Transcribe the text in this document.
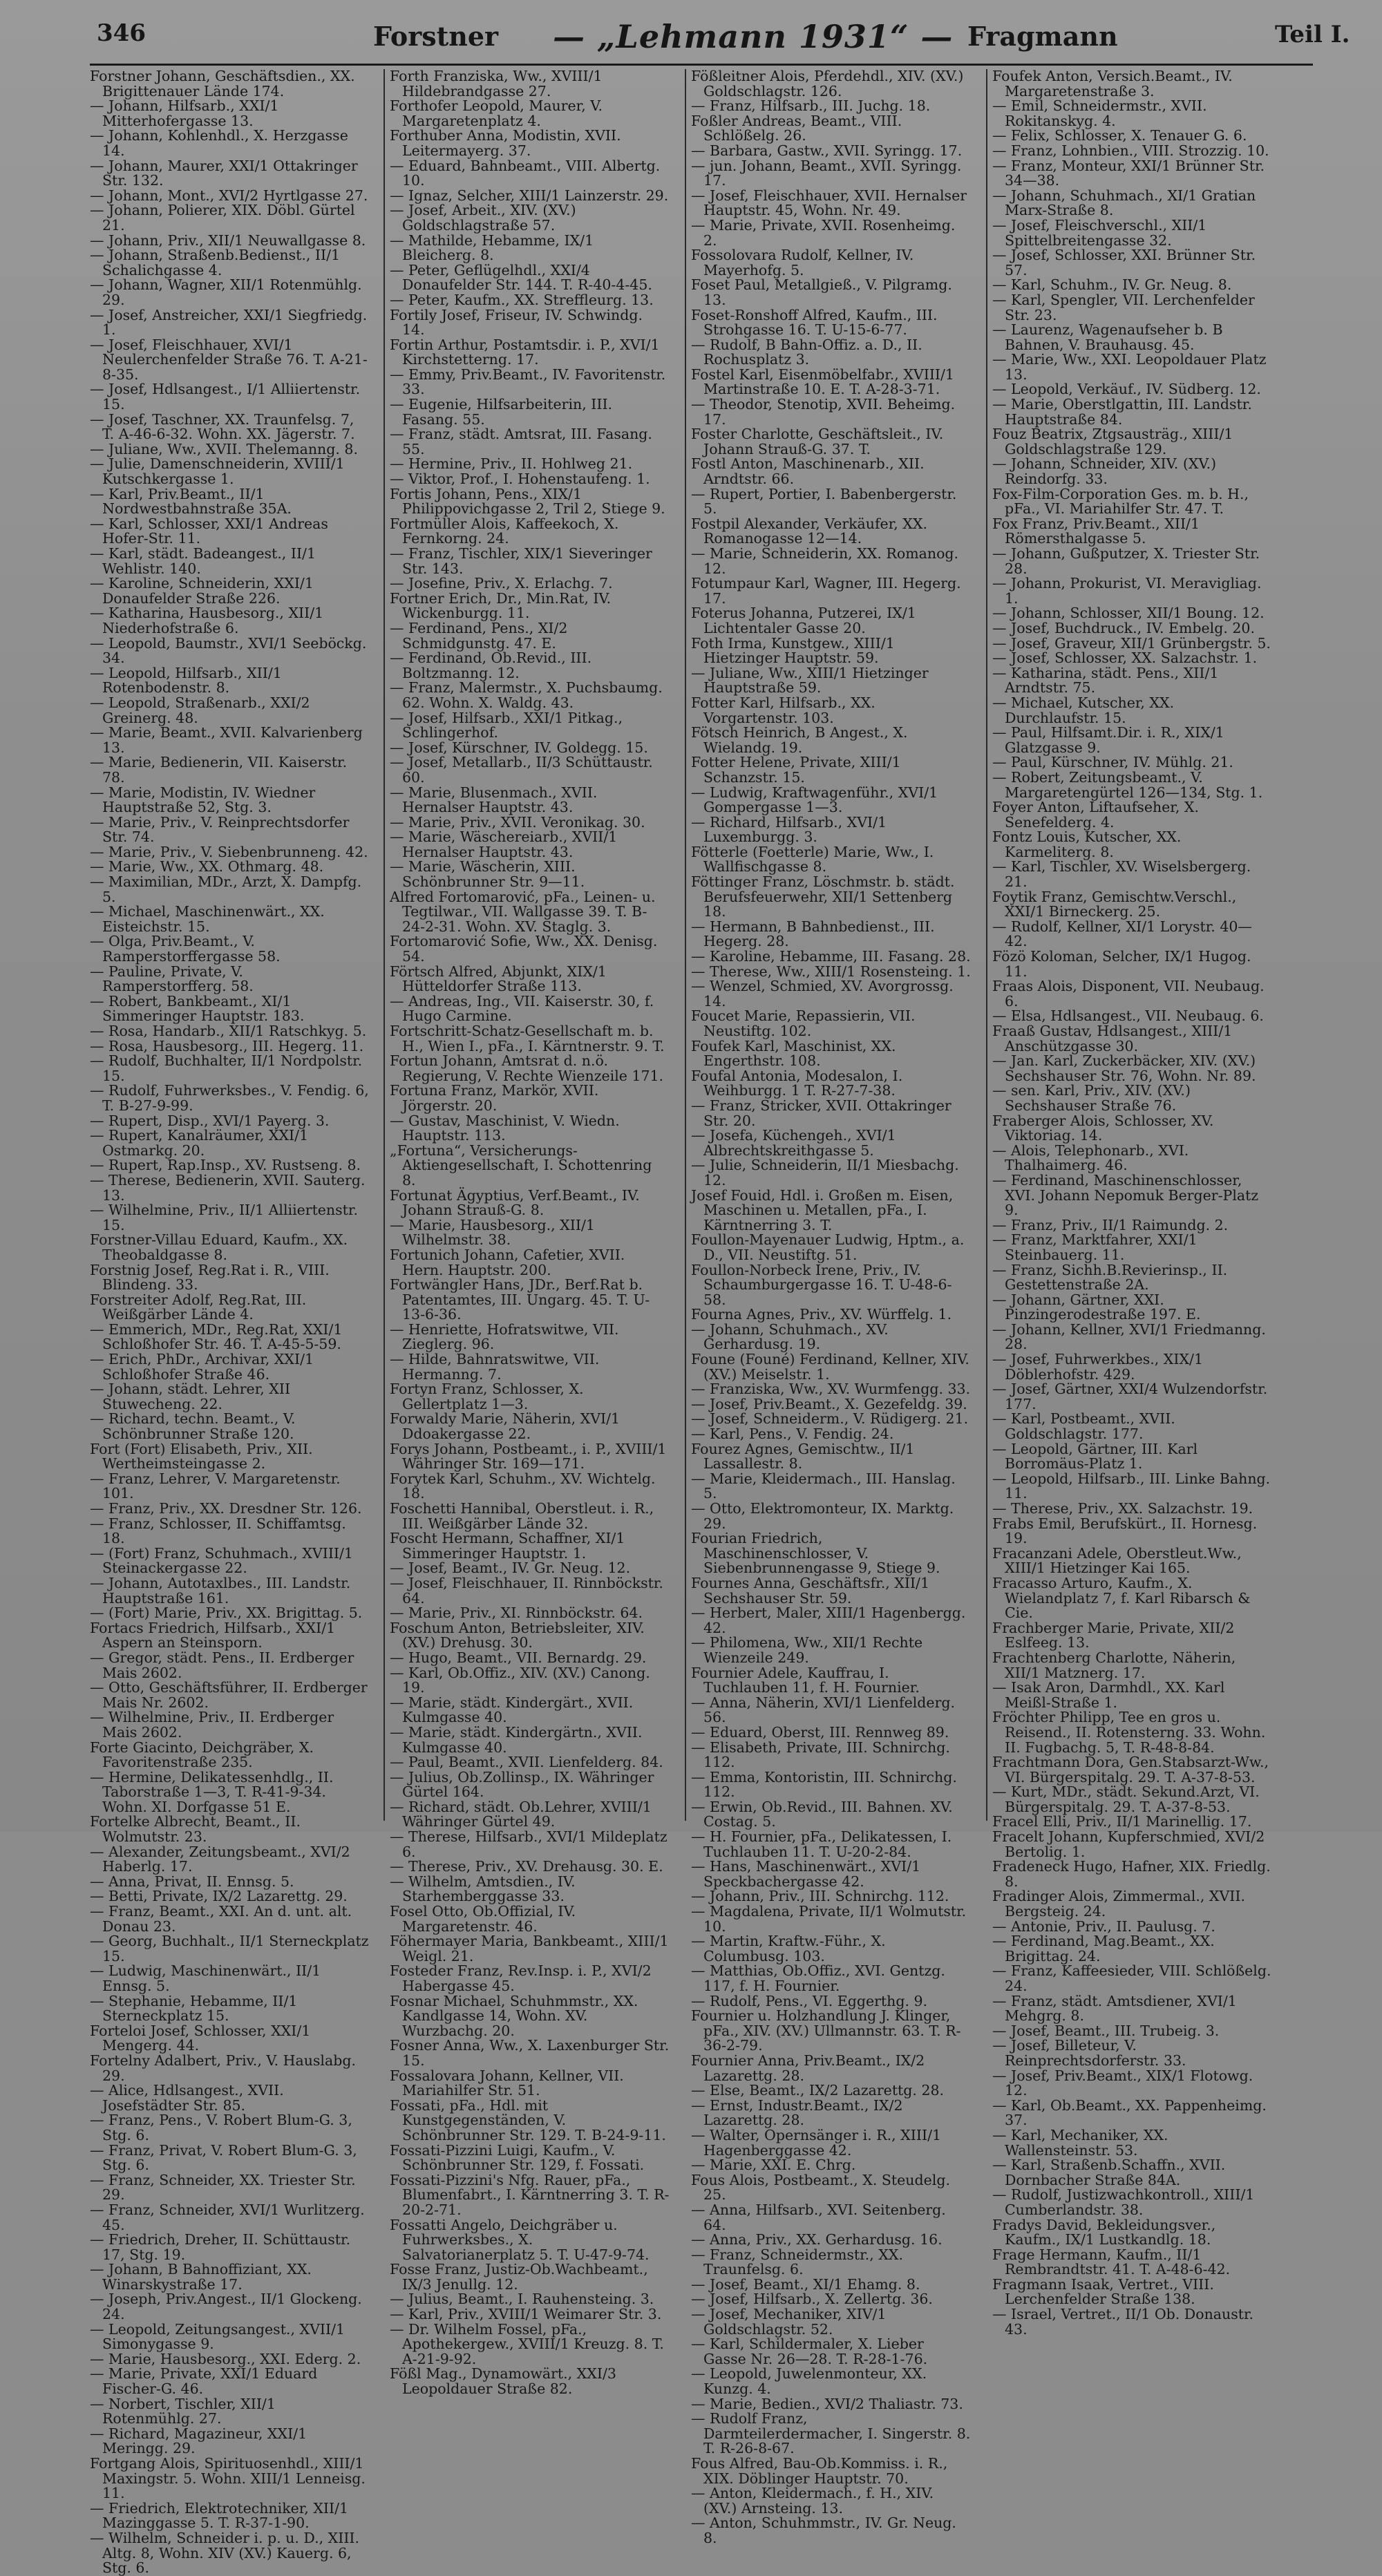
346	Forstner — „Lehmann 1931“ — Fragmann	Teil I.

Forstner Johann, Geschäftsdien., XX. Brigittenauer Lände 174.

— Johann, Hilfsarb., XXI/1 Mitterhofergasse 13.

— Johann, Kohlenhdl., X. Herzgasse 14.

— Johann, Maurer, XXI/1 Ottakringer Str. 132.

— Johann, Mont., XVI/2 Hyrtlgasse 27.

— Johann, Polierer, XIX. Döbl. Gürtel 21.

— Johann, Priv., XII/1 Neuwallgasse 8.

— Johann, Straßenb.Bedienst., II/1 Schalichgasse 4.

— Johann, Wagner, XII/1 Rotenmühlg. 29.

— Josef, Anstreicher, XXI/1 Siegfriedg. 1.

— Josef, Fleischhauer, XVI/1 Neulerchenfelder Straße 76. T. A-21-8-35.

— Josef, Hdlsangest., I/1 Alliiertenstr. 15.

— Josef, Taschner, XX. Traunfelsg. 7, T. A-46-6-32. Wohn. XX. Jägerstr. 7.

— Juliane, Ww., XVII. Thelemanng. 8.

— Julie, Damenschneiderin, XVIII/1 Kutschkergasse 1.

— Karl, Priv.Beamt., II/1 Nordwestbahnstraße 35A.

— Karl, Schlosser, XXI/1 Andreas Hofer-Str. 11.

— Karl, städt. Badeangest., II/1 Wehlistr. 140.

— Karoline, Schneiderin, XXI/1 Donaufelder Straße 226.

— Katharina, Hausbesorg., XII/1 Niederhofstraße 6.

— Leopold, Baumstr., XVI/1 Seeböckg. 34.

— Leopold, Hilfsarb., XII/1 Rotenbodenstr. 8.

— Leopold, Straßenarb., XXI/2 Greinerg. 48.

— Marie, Beamt., XVII. Kalvarienberg 13.

— Marie, Bedienerin, VII. Kaiserstr. 78.

— Marie, Modistin, IV. Wiedner Hauptstraße 52, Stg. 3.

— Marie, Priv., V. Reinprechtsdorfer Str. 74.

— Marie, Priv., V. Siebenbrunneng. 42.

— Marie, Ww., XX. Othmarg. 48.

— Maximilian, MDr., Arzt, X. Dampfg. 5.

— Michael, Maschinenwärt., XX. Eisteichstr. 15.

— Olga, Priv.Beamt., V. Ramperstorffergasse 58.

— Pauline, Private, V. Ramperstorfferg. 58.

— Robert, Bankbeamt., XI/1 Simmeringer Hauptstr. 183.

— Rosa, Handarb., XII/1 Ratschkyg. 5.

— Rosa, Hausbesorg., III. Hegerg. 11.

— Rudolf, Buchhalter, II/1 Nordpolstr. 15.

— Rudolf, Fuhrwerksbes., V. Fendig. 6, T. B-27-9-99.

— Rupert, Disp., XVI/1 Payerg. 3.

— Rupert, Kanalräumer, XXI/1 Ostmarkg. 20.

— Rupert, Rap.Insp., XV. Rustseng. 8.

— Therese, Bedienerin, XVII. Sauterg. 13.

— Wilhelmine, Priv., II/1 Alliiertenstr. 15.

Forstner-Villau Eduard, Kaufm., XX. Theobaldgasse 8.

Forstnig Josef, Reg.Rat i. R., VIII. Blindeng. 33.

Forstreiter Adolf, Reg.Rat, III. Weißgärber Lände 4.

— Emmerich, MDr., Reg.Rat, XXI/1 Schloßhofer Str. 46. T. A-45-5-59.

— Erich, PhDr., Archivar, XXI/1 Schloßhofer Straße 46.

— Johann, städt. Lehrer, XII Stuwecheng. 22.

— Richard, techn. Beamt., V. Schönbrunner Straße 120.

Fort (Fort) Elisabeth, Priv., XII. Wertheimsteingasse 2.

— Franz, Lehrer, V. Margaretenstr. 101.

— Franz, Priv., XX. Dresdner Str. 126.

— Franz, Schlosser, II. Schiffamtsg. 18.

— (Fort) Franz, Schuhmach., XVIII/1 Steinackergasse 22.

— Johann, Autotaxlbes., III. Landstr. Hauptstraße 161.

— (Fort) Marie, Priv., XX. Brigittag. 5.

Fortacs Friedrich, Hilfsarb., XXI/1 Aspern an Steinsporn.

— Gregor, städt. Pens., II. Erdberger Mais 2602.

— Otto, Geschäftsführer, II. Erdberger Mais Nr. 2602.

— Wilhelmine, Priv., II. Erdberger Mais 2602.

Forte Giacinto, Deichgräber, X. Favoritenstraße 235.

— Hermine, Delikatessenhdlg., II. Taborstraße 1—3, T. R-41-9-34. Wohn. XI. Dorfgasse 51 E.

Fortelke Albrecht, Beamt., II. Wolmutstr. 23.

— Alexander, Zeitungsbeamt., XVI/2 Haberlg. 17.

— Anna, Privat, II. Ennsg. 5.

— Betti, Private, IX/2 Lazarettg. 29.

— Franz, Beamt., XXI. An d. unt. alt. Donau 23.

— Georg, Buchhalt., II/1 Sterneckplatz 15.

— Ludwig, Maschinenwärt., II/1 Ennsg. 5.

— Stephanie, Hebamme, II/1 Sterneckplatz 15.

Forteloi Josef, Schlosser, XXI/1 Mengerg. 44.

Fortelny Adalbert, Priv., V. Hauslabg. 29.

— Alice, Hdlsangest., XVII. Josefstädter Str. 85.

— Franz, Pens., V. Robert Blum-G. 3, Stg. 6.

— Franz, Privat, V. Robert Blum-G. 3, Stg. 6.

— Franz, Schneider, XX. Triester Str. 29.

— Franz, Schneider, XVI/1 Wurlitzerg. 45.

— Friedrich, Dreher, II. Schüttaustr. 17, Stg. 19.

— Johann, B Bahnoffiziant, XX. Winarskystraße 17.

— Joseph, Priv.Angest., II/1 Glockeng. 24.

— Leopold, Zeitungsangest., XVII/1 Simonygasse 9.

— Marie, Hausbesorg., XXI. Ederg. 2.

— Marie, Private, XXI/1 Eduard Fischer-G. 46.

— Norbert, Tischler, XII/1 Rotenmühlg. 27.

— Richard, Magazineur, XXI/1 Meringg. 29.

Fortgang Alois, Spirituosenhdl., XIII/1 Maxingstr. 5. Wohn. XIII/1 Lenneisg. 11.

— Friedrich, Elektrotechniker, XII/1 Mazinggasse 5. T. R-37-1-90.

— Wilhelm, Schneider i. p. u. D., XIII. Altg. 8, Wohn. XIV (XV.) Kauerg. 6, Stg. 6.

Forth Franziska, Ww., XVIII/1 Hildebrandgasse 27.

Forthofer Leopold, Maurer, V. Margaretenplatz 4.

Forthuber Anna, Modistin, XVII. Leitermayerg. 37.

— Eduard, Bahnbeamt., VIII. Albertg. 10.

— Ignaz, Selcher, XIII/1 Lainzerstr. 29.

— Josef, Arbeit., XIV. (XV.) Goldschlagstraße 57.

— Mathilde, Hebamme, IX/1 Bleicherg. 8.

— Peter, Geflügelhdl., XXI/4 Donaufelder Str. 144. T. R-40-4-45.

— Peter, Kaufm., XX. Streffleurg. 13.

Fortily Josef, Friseur, IV. Schwindg. 14.

Fortin Arthur, Postamtsdir. i. P., XVI/1 Kirchstetterng. 17.

— Emmy, Priv.Beamt., IV. Favoritenstr. 33.

— Eugenie, Hilfsarbeiterin, III. Fasang. 55.

— Franz, städt. Amtsrat, III. Fasang. 55.

— Hermine, Priv., II. Hohlweg 21.

— Viktor, Prof., I. Hohenstaufeng. 1.

Fortis Johann, Pens., XIX/1 Philippovichgasse 2, Tril 2, Stiege 9.

Fortmüller Alois, Kaffeekoch, X. Fernkorng. 24.

— Franz, Tischler, XIX/1 Sieveringer Str. 143.

— Josefine, Priv., X. Erlachg. 7.

Fortner Erich, Dr., Min.Rat, IV. Wickenburgg. 11.

— Ferdinand, Pens., XI/2 Schmidgunstg. 47. E.

— Ferdinand, Ob.Revid., III. Boltzmanng. 12.

— Franz, Malermstr., X. Puchsbaumg. 62. Wohn. X. Waldg. 43.

— Josef, Hilfsarb., XXI/1 Pitkag., Schlingerhof.

— Josef, Kürschner, IV. Goldegg. 15.

— Josef, Metallarb., II/3 Schüttaustr. 60.

— Marie, Blusenmach., XVII. Hernalser Hauptstr. 43.

— Marie, Priv., XVII. Veronikag. 30.

— Marie, Wäschereiarb., XVII/1 Hernalser Hauptstr. 43.

— Marie, Wäscherin, XIII. Schönbrunner Str. 9—11.

Alfred Fortomarović, pFa., Leinen- u. Tegtilwar., VII. Wallgasse 39. T. B-24-2-31. Wohn. XV. Staglg. 3.

Fortomarović Sofie, Ww., XX. Denisg. 54.

Förtsch Alfred, Abjunkt, XIX/1 Hütteldorfer Straße 113.

— Andreas, Ing., VII. Kaiserstr. 30, f. Hugo Carmine.

Fortschritt-Schatz-Gesellschaft m. b. H., Wien I., pFa., I. Kärntnerstr. 9. T.

Fortun Johann, Amtsrat d. n.ö. Regierung, V. Rechte Wienzeile 171.

Fortuna Franz, Markör, XVII. Jörgerstr. 20.

— Gustav, Maschinist, V. Wiedn. Hauptstr. 113.

„Fortuna“, Versicherungs-Aktiengesellschaft, I. Schottenring 8.

Fortunat Ägyptius, Verf.Beamt., IV. Johann Strauß-G. 8.

— Marie, Hausbesorg., XII/1 Wilhelmstr. 38.

Fortunich Johann, Cafetier, XVII. Hern. Hauptstr. 200.

Fortwängler Hans, JDr., Berf.Rat b. Patentamtes, III. Ungarg. 45. T. U-13-6-36.

— Henriette, Hofratswitwe, VII. Zieglerg. 96.

— Hilde, Bahnratswitwe, VII. Hermanng. 7.

Fortyn Franz, Schlosser, X. Gellertplatz 1—3.

Forwaldy Marie, Näherin, XVI/1 Ddoakergasse 22.

Forys Johann, Postbeamt., i. P., XVIII/1 Währinger Str. 169—171.

Forytek Karl, Schuhm., XV. Wichtelg. 18.

Foschetti Hannibal, Oberstleut. i. R., III. Weißgärber Lände 32.

Foscht Hermann, Schaffner, XI/1 Simmeringer Hauptstr. 1.

— Josef, Beamt., IV. Gr. Neug. 12.

— Josef, Fleischhauer, II. Rinnböckstr. 64.

— Marie, Priv., XI. Rinnböckstr. 64.

Foschum Anton, Betriebsleiter, XIV. (XV.) Drehusg. 30.

— Hugo, Beamt., VII. Bernardg. 29.

— Karl, Ob.Offiz., XIV. (XV.) Canong. 19.

— Marie, städt. Kindergärt., XVII. Kulmgasse 40.

— Marie, städt. Kindergärtn., XVII. Kulmgasse 40.

— Paul, Beamt., XVII. Lienfelderg. 84.

— Julius, Ob.Zollinsp., IX. Währinger Gürtel 164.

— Richard, städt. Ob.Lehrer, XVIII/1 Währinger Gürtel 49.

— Therese, Hilfsarb., XVI/1 Mildeplatz 6.

— Therese, Priv., XV. Drehausg. 30. E.

— Wilhelm, Amtsdien., IV. Starhemberggasse 33.

Fosel Otto, Ob.Offizial, IV. Margaretenstr. 46.

Föhermayer Maria, Bankbeamt., XIII/1 Weigl. 21.

Fosteder Franz, Rev.Insp. i. P., XVI/2 Habergasse 45.

Fosnar Michael, Schuhmmstr., XX. Kandlgasse 14, Wohn. XV. Wurzbachg. 20.

Fosner Anna, Ww., X. Laxenburger Str. 15.

Fossalovara Johann, Kellner, VII. Mariahilfer Str. 51.

Fossati, pFa., Hdl. mit Kunstgegenständen, V. Schönbrunner Str. 129. T. B-24-9-11.

Fossati-Pizzini Luigi, Kaufm., V. Schönbrunner Str. 129, f. Fossati.

Fossati-Pizzini's Nfg. Rauer, pFa., Blumenfabrt., I. Kärntnerring 3. T. R-20-2-71.

Fossatti Angelo, Deichgräber u. Fuhrwerksbes., X. Salvatorianerplatz 5. T. U-47-9-74.

Fosse Franz, Justiz-Ob.Wachbeamt., IX/3 Jenullg. 12.

— Julius, Beamt., I. Rauhensteing. 3.

— Karl, Priv., XVIII/1 Weimarer Str. 3.

— Dr. Wilhelm Fossel, pFa., Apothekergew., XVIII/1 Kreuzg. 8. T. A-21-9-92.

Fößl Mag., Dynamowärt., XXI/3 Leopoldauer Straße 82.

Fößleitner Alois, Pferdehdl., XIV. (XV.) Goldschlagstr. 126.

— Franz, Hilfsarb., III. Juchg. 18.

Foßler Andreas, Beamt., VIII. Schlößelg. 26.

— Barbara, Gastw., XVII. Syringg. 17.

— jun. Johann, Beamt., XVII. Syringg. 17.

— Josef, Fleischhauer, XVII. Hernalser Hauptstr. 45, Wohn. Nr. 49.

— Marie, Private, XVII. Rosenheimg. 2.

Fossolovara Rudolf, Kellner, IV. Mayerhofg. 5.

Foset Paul, Metallgieß., V. Pilgramg. 13.

Foset-Ronshoff Alfred, Kaufm., III. Strohgasse 16. T. U-15-6-77.

— Rudolf, B Bahn-Offiz. a. D., II. Rochusplatz 3.

Fostel Karl, Eisenmöbelfabr., XVIII/1 Martinstraße 10. E. T. A-28-3-71.

— Theodor, Stenotip, XVII. Beheimg. 17.

Foster Charlotte, Geschäftsleit., IV. Johann Strauß-G. 37. T.

Fostl Anton, Maschinenarb., XII. Arndtstr. 66.

— Rupert, Portier, I. Babenbergerstr. 5.

Fostpil Alexander, Verkäufer, XX. Romanogasse 12—14.

— Marie, Schneiderin, XX. Romanog. 12.

Fotumpaur Karl, Wagner, III. Hegerg. 17.

Foterus Johanna, Putzerei, IX/1 Lichtentaler Gasse 20.

Foth Irma, Kunstgew., XIII/1 Hietzinger Hauptstr. 59.

— Juliane, Ww., XIII/1 Hietzinger Hauptstraße 59.

Fotter Karl, Hilfsarb., XX. Vorgartenstr. 103.

Fötsch Heinrich, B Angest., X. Wielandg. 19.

Fotter Helene, Private, XIII/1 Schanzstr. 15.

— Ludwig, Kraftwagenführ., XVI/1 Gompergasse 1—3.

— Richard, Hilfsarb., XVI/1 Luxemburgg. 3.

Fötterle (Foetterle) Marie, Ww., I. Wallfischgasse 8.

Föttinger Franz, Löschmstr. b. städt. Berufsfeuerwehr, XII/1 Settenberg 18.

— Hermann, B Bahnbedienst., III. Hegerg. 28.

— Karoline, Hebamme, III. Fasang. 28.

— Therese, Ww., XIII/1 Rosensteing. 1.

— Wenzel, Schmied, XV. Avorgrossg. 14.

Foucet Marie, Repassierin, VII. Neustiftg. 102.

Foufek Karl, Maschinist, XX. Engerthstr. 108.

Foufal Antonia, Modesalon, I. Weihburgg. 1 T. R-27-7-38.

— Franz, Stricker, XVII. Ottakringer Str. 20.

— Josefa, Küchengeh., XVI/1 Albrechtskreithgasse 5.

— Julie, Schneiderin, II/1 Miesbachg. 12.

Josef Fouid, Hdl. i. Großen m. Eisen, Maschinen u. Metallen, pFa., I. Kärntnerring 3. T.

Foullon-Mayenauer Ludwig, Hptm., a. D., VII. Neustiftg. 51.

Foullon-Norbeck Irene, Priv., IV. Schaumburgergasse 16. T. U-48-6-58.

Fourna Agnes, Priv., XV. Würffelg. 1.

— Johann, Schuhmach., XV. Gerhardusg. 19.

Foune (Founé) Ferdinand, Kellner, XIV. (XV.) Meiselstr. 1.

— Franziska, Ww., XV. Wurmfengg. 33.

— Josef, Priv.Beamt., X. Gezefeldg. 39.

— Josef, Schneiderm., V. Rüdigerg. 21.

— Karl, Pens., V. Fendig. 24.

Fourez Agnes, Gemischtw., II/1 Lassallestr. 8.

— Marie, Kleidermach., III. Hanslag. 5.

— Otto, Elektromonteur, IX. Marktg. 29.

Fourian Friedrich, Maschinenschlosser, V. Siebenbrunnengasse 9, Stiege 9.

Fournes Anna, Geschäftsfr., XII/1 Sechshauser Str. 59.

— Herbert, Maler, XIII/1 Hagenbergg. 42.

— Philomena, Ww., XII/1 Rechte Wienzeile 249.

Fournier Adele, Kauffrau, I. Tuchlauben 11, f. H. Fournier.

— Anna, Näherin, XVI/1 Lienfelderg. 56.

— Eduard, Oberst, III. Rennweg 89.

— Elisabeth, Private, III. Schnirchg. 112.

— Emma, Kontoristin, III. Schnirchg. 112.

— Erwin, Ob.Revid., III. Bahnen. XV. Costag. 5.

— H. Fournier, pFa., Delikatessen, I. Tuchlauben 11. T. U-20-2-84.

— Hans, Maschinenwärt., XVI/1 Speckbachergasse 42.

— Johann, Priv., III. Schnirchg. 112.

— Magdalena, Private, II/1 Wolmutstr. 10.

— Martin, Kraftw.-Führ., X. Columbusg. 103.

— Matthias, Ob.Offiz., XVI. Gentzg. 117, f. H. Fournier.

— Rudolf, Pens., VI. Eggerthg. 9.

Fournier u. Holzhandlung J. Klinger, pFa., XIV. (XV.) Ullmannstr. 63. T. R-36-2-79.

Fournier Anna, Priv.Beamt., IX/2 Lazarettg. 28.

— Else, Beamt., IX/2 Lazarettg. 28.

— Ernst, Industr.Beamt., IX/2 Lazarettg. 28.

— Walter, Opernsänger i. R., XIII/1 Hagenberggasse 42.

— Marie, XXI. E. Chrg.

Fous Alois, Postbeamt., X. Steudelg. 25.

— Anna, Hilfsarb., XVI. Seitenberg. 64.

— Anna, Priv., XX. Gerhardusg. 16.

— Franz, Schneidermstr., XX. Traunfelsg. 6.

— Josef, Beamt., XI/1 Ehamg. 8.

— Josef, Hilfsarb., X. Zellertg. 36.

— Josef, Mechaniker, XIV/1 Goldschlagstr. 52.

— Karl, Schildermaler, X. Lieber Gasse Nr. 26—28. T. R-28-1-76.

— Leopold, Juwelenmonteur, XX. Kunzg. 4.

— Marie, Bedien., XVI/2 Thaliastr. 73.

— Rudolf Franz, Darmteilerdermacher, I. Singerstr. 8. T. R-26-8-67.

Fous Alfred, Bau-Ob.Kommiss. i. R., XIX. Döblinger Hauptstr. 70.

— Anton, Kleidermach., f. H., XIV. (XV.) Arnsteing. 13.

— Anton, Schuhmmstr., IV. Gr. Neug. 8.

Foufek Anton, Versich.Beamt., IV. Margaretenstraße 3.

— Emil, Schneidermstr., XVII. Rokitanskyg. 4.

— Felix, Schlosser, X. Tenauer G. 6.

— Franz, Lohnbien., VIII. Strozzig. 10.

— Franz, Monteur, XXI/1 Brünner Str. 34—38.

— Johann, Schuhmach., XI/1 Gratian Marx-Straße 8.

— Josef, Fleischverschl., XII/1 Spittelbreitengasse 32.

— Josef, Schlosser, XXI. Brünner Str. 57.

— Karl, Schuhm., IV. Gr. Neug. 8.

— Karl, Spengler, VII. Lerchenfelder Str. 23.

— Laurenz, Wagenaufseher b. B Bahnen, V. Brauhausg. 45.

— Marie, Ww., XXI. Leopoldauer Platz 13.

— Leopold, Verkäuf., IV. Südberg. 12.

— Marie, Oberstlgattin, III. Landstr. Hauptstraße 84.

Fouz Beatrix, Ztgsausträg., XIII/1 Goldschlagstraße 129.

— Johann, Schneider, XIV. (XV.) Reindorfg. 33.

Fox-Film-Corporation Ges. m. b. H., pFa., VI. Mariahilfer Str. 47. T.

Fox Franz, Priv.Beamt., XII/1 Römersthalgasse 5.

— Johann, Gußputzer, X. Triester Str. 28.

— Johann, Prokurist, VI. Meravigliag. 1.

— Johann, Schlosser, XII/1 Boung. 12.

— Josef, Buchdruck., IV. Embelg. 20.

— Josef, Graveur, XII/1 Grünbergstr. 5.

— Josef, Schlosser, XX. Salzachstr. 1.

— Katharina, städt. Pens., XII/1 Arndtstr. 75.

— Michael, Kutscher, XX. Durchlaufstr. 15.

— Paul, Hilfsamt.Dir. i. R., XIX/1 Glatzgasse 9.

— Paul, Kürschner, IV. Mühlg. 21.

— Robert, Zeitungsbeamt., V. Margaretengürtel 126—134, Stg. 1.

Foyer Anton, Liftaufseher, X. Senefelderg. 4.

Fontz Louis, Kutscher, XX. Karmeliterg. 8.

— Karl, Tischler, XV. Wiselsbergerg. 21.

Foytik Franz, Gemischtw.Verschl., XXI/1 Birneckerg. 25.

— Rudolf, Kellner, XI/1 Lorystr. 40—42.

Fözö Koloman, Selcher, IX/1 Hugog. 11.

Fraas Alois, Disponent, VII. Neubaug. 6.

— Elsa, Hdlsangest., VII. Neubaug. 6.

Fraaß Gustav, Hdlsangest., XIII/1 Anschützgasse 30.

— Jan. Karl, Zuckerbäcker, XIV. (XV.) Sechshauser Str. 76, Wohn. Nr. 89.

— sen. Karl, Priv., XIV. (XV.) Sechshauser Straße 76.

Fraberger Alois, Schlosser, XV. Viktoriag. 14.

— Alois, Telephonarb., XVI. Thalhaimerg. 46.

— Ferdinand, Maschinenschlosser, XVI. Johann Nepomuk Berger-Platz 9.

— Franz, Priv., II/1 Raimundg. 2.

— Franz, Marktfahrer, XXI/1 Steinbauerg. 11.

— Franz, Sichh.B.Revierinsp., II. Gestettenstraße 2A.

— Johann, Gärtner, XXI. Pinzingerodestraße 197. E.

— Johann, Kellner, XVI/1 Friedmanng. 28.

— Josef, Fuhrwerkbes., XIX/1 Döblerhofstr. 429.

— Josef, Gärtner, XXI/4 Wulzendorfstr. 177.

— Karl, Postbeamt., XVII. Goldschlagstr. 177.

— Leopold, Gärtner, III. Karl Borromäus-Platz 1.

— Leopold, Hilfsarb., III. Linke Bahng. 11.

— Therese, Priv., XX. Salzachstr. 19.

Frabs Emil, Berufskürt., II. Hornesg. 19.

Fracanzani Adele, Oberstleut.Ww., XIII/1 Hietzinger Kai 165.

Fracasso Arturo, Kaufm., X. Wielandplatz 7, f. Karl Ribarsch & Cie.

Frachberger Marie, Private, XII/2 Eslfeeg. 13.

Frachtenberg Charlotte, Näherin, XII/1 Matznerg. 17.

— Isak Aron, Darmhdl., XX. Karl Meißl-Straße 1.

Fröchter Philipp, Tee en gros u. Reisend., II. Rotensterng. 33. Wohn. II. Fugbachg. 5, T. R-48-8-84.

Frachtmann Dora, Gen.Stabsarzt-Ww., VI. Bürgerspitalg. 29. T. A-37-8-53.

— Kurt, MDr., städt. Sekund.Arzt, VI. Bürgerspitalg. 29. T. A-37-8-53.

Fracel Elli, Priv., II/1 Marinellig. 17.

Fracelt Johann, Kupferschmied, XVI/2 Bertolig. 1.

Fradeneck Hugo, Hafner, XIX. Friedlg. 8.

Fradinger Alois, Zimmermal., XVII. Bergsteig. 24.

— Antonie, Priv., II. Paulusg. 7.

— Ferdinand, Mag.Beamt., XX. Brigittag. 24.

— Franz, Kaffeesieder, VIII. Schlößelg. 24.

— Franz, städt. Amtsdiener, XVI/1 Mehgrg. 8.

— Josef, Beamt., III. Trubeig. 3.

— Josef, Billeteur, V. Reinprechtsdorferstr. 33.

— Josef, Priv.Beamt., XIX/1 Flotowg. 12.

— Karl, Ob.Beamt., XX. Pappenheimg. 37.

— Karl, Mechaniker, XX. Wallensteinstr. 53.

— Karl, Straßenb.Schaffn., XVII. Dornbacher Straße 84A.

— Rudolf, Justizwachkontroll., XIII/1 Cumberlandstr. 38.

Fradys David, Bekleidungsver., Kaufm., IX/1 Lustkandlg. 18.

Frage Hermann, Kaufm., II/1 Rembrandtstr. 41. T. A-48-6-42.

Fragmann Isaak, Vertret., VIII. Lerchenfelder Straße 138.

— Israel, Vertret., II/1 Ob. Donaustr. 43.
